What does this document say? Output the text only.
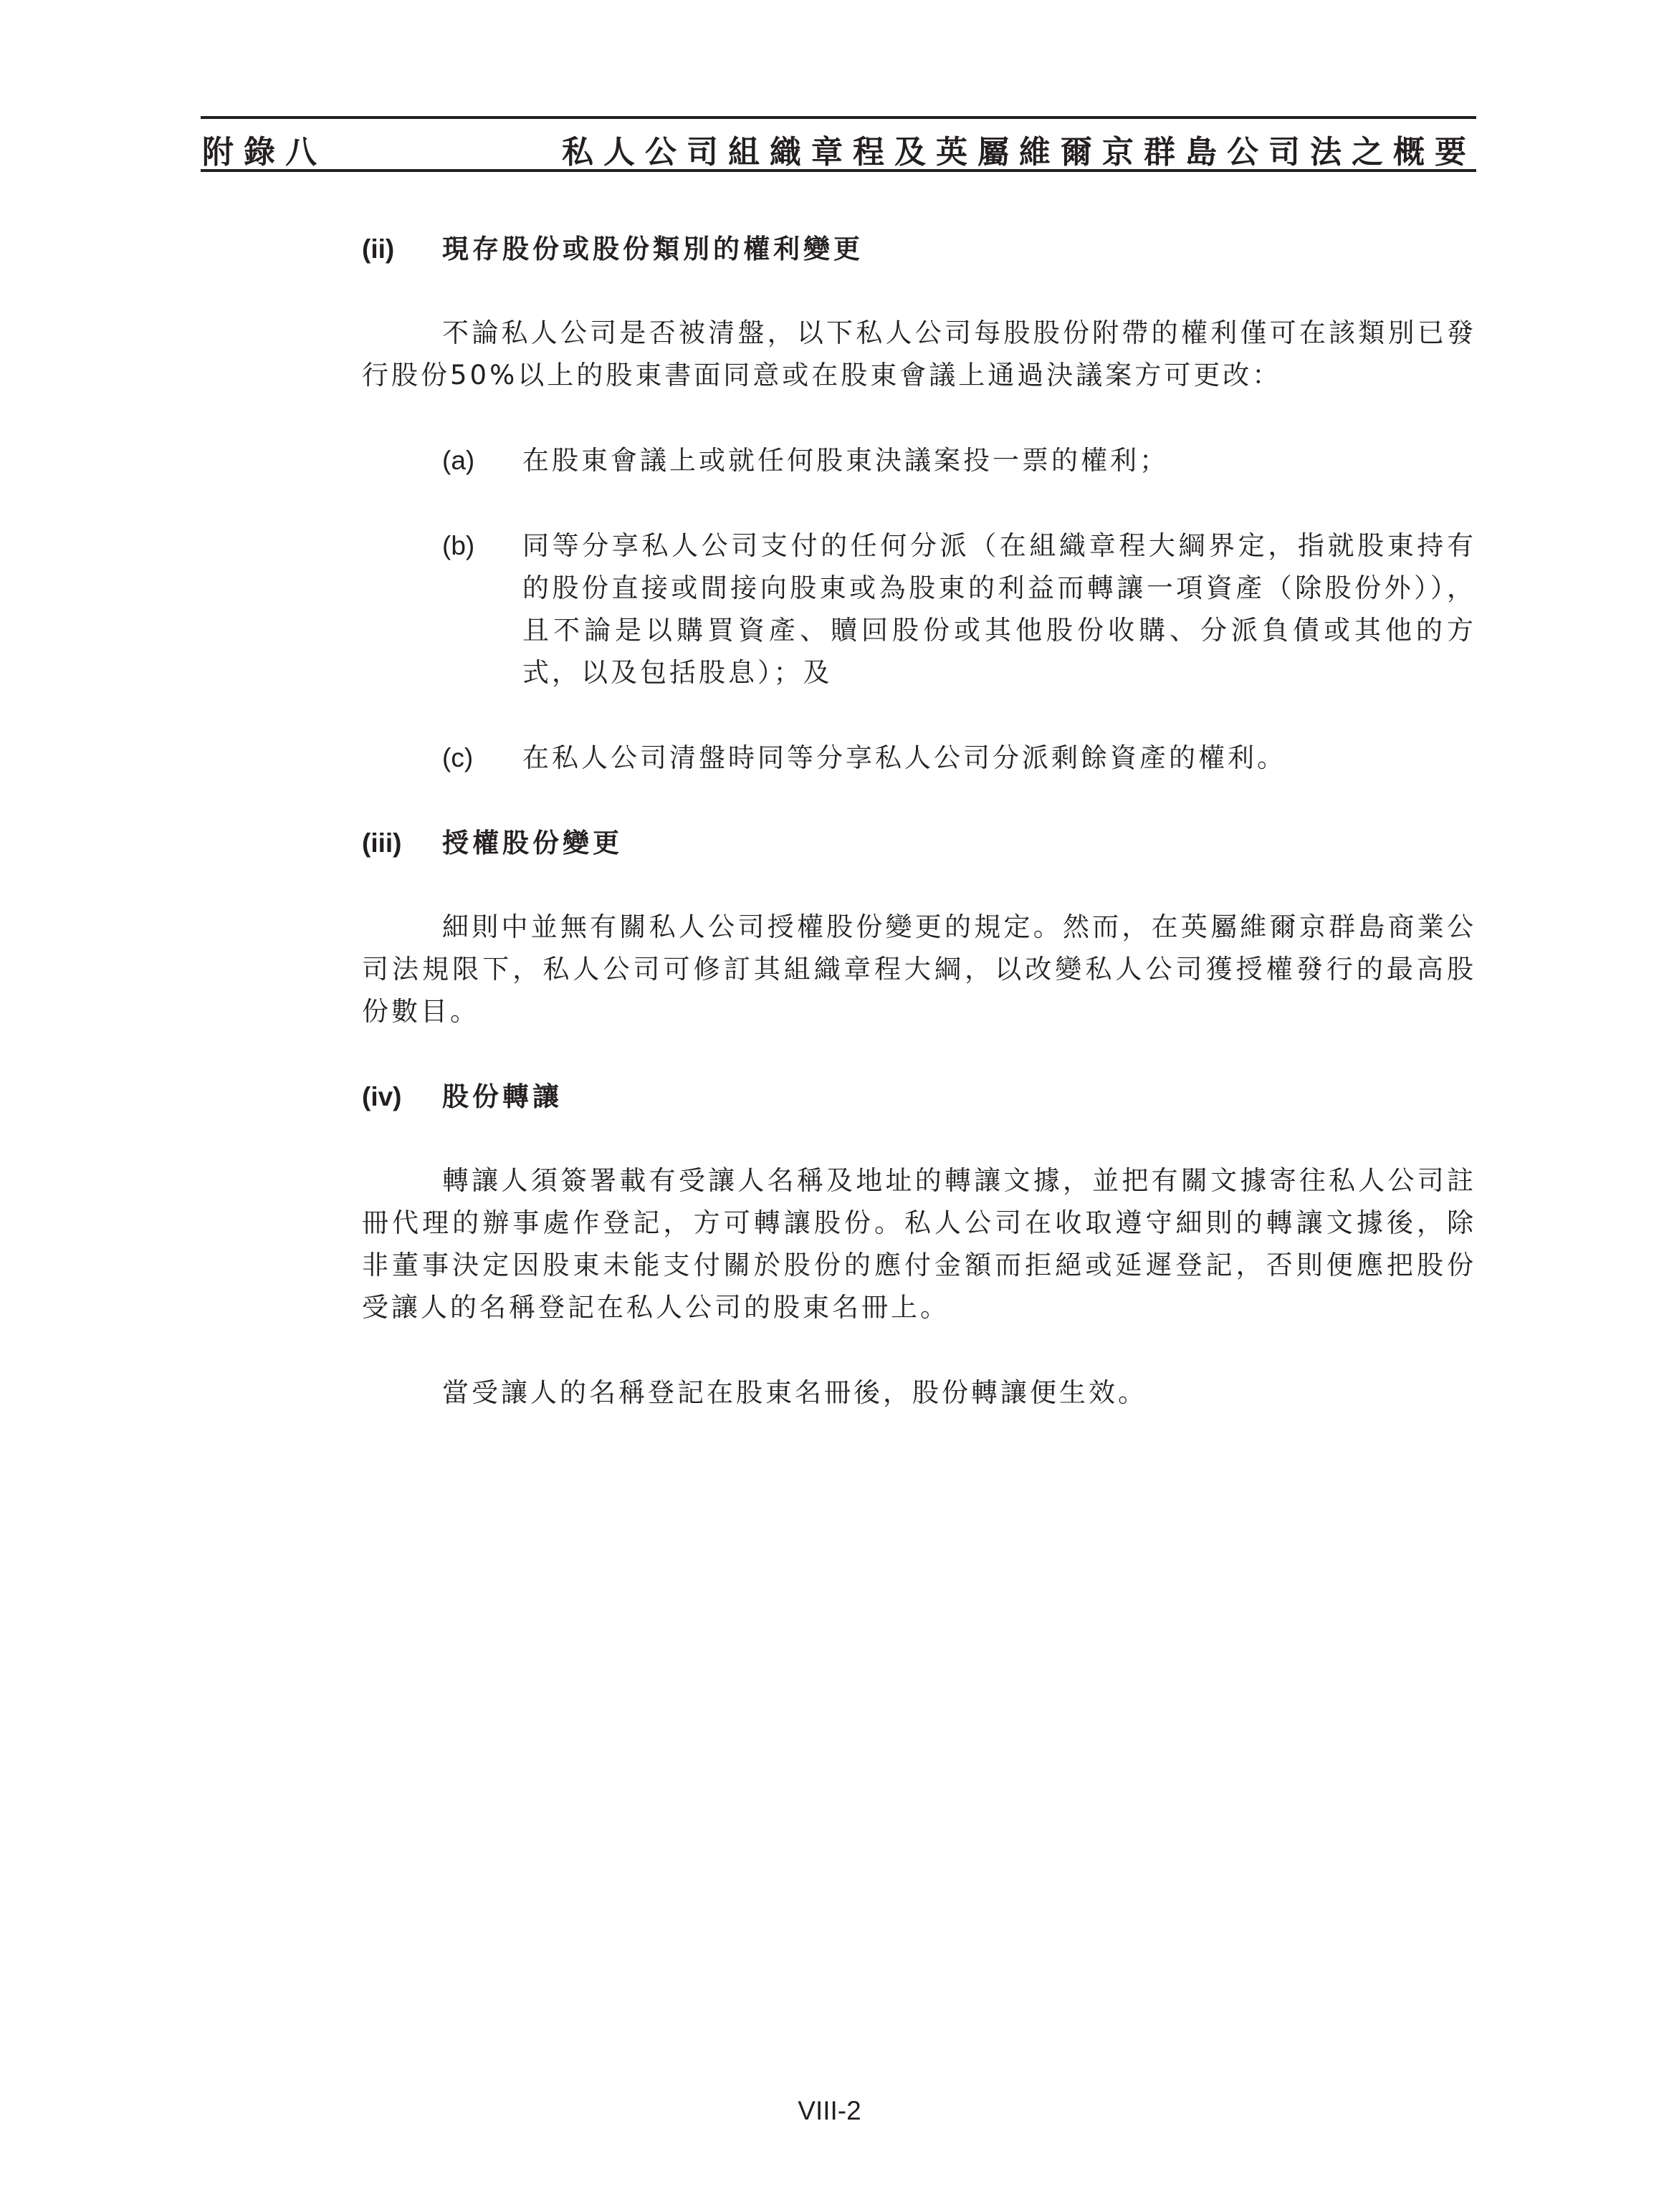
附錄八	私人公司組織章程及英屬維爾京群島公司法之概要
(ii)	現存股份或股份類別的權利變更
不論私人公司是否被清盤，以下私人公司每股股份附帶的權利僅可在該類別已發行股份50%以上的股東書面同意或在股東會議上通過決議案方可更改：
(a)	在股東會議上或就任何股東決議案投一票的權利；
(b)	同等分享私人公司支付的任何分派（在組織章程大綱界定，指就股東持有的股份直接或間接向股東或為股東的利益而轉讓一項資產（除股份外）），且不論是以購買資產、贖回股份或其他股份收購、分派負債或其他的方式，以及包括股息）；及
(c)	在私人公司清盤時同等分享私人公司分派剩餘資產的權利。
(iii)	授權股份變更
細則中並無有關私人公司授權股份變更的規定。然而，在英屬維爾京群島商業公司法規限下，私人公司可修訂其組織章程大綱，以改變私人公司獲授權發行的最高股份數目。
(iv)	股份轉讓
轉讓人須簽署載有受讓人名稱及地址的轉讓文據，並把有關文據寄往私人公司註冊代理的辦事處作登記，方可轉讓股份。私人公司在收取遵守細則的轉讓文據後，除非董事決定因股東未能支付關於股份的應付金額而拒絕或延遲登記，否則便應把股份受讓人的名稱登記在私人公司的股東名冊上。
當受讓人的名稱登記在股東名冊後，股份轉讓便生效。
VIII-2
